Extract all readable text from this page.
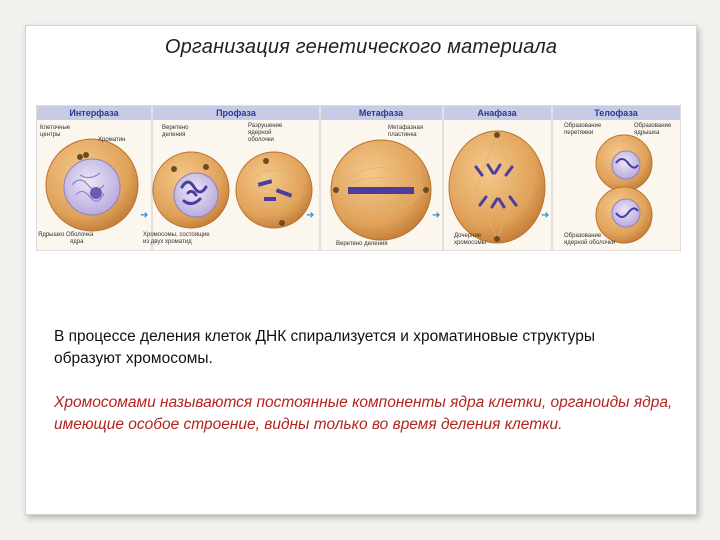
Организация генетического материала
Интерфаза	Профаза	Метафаза	Анафаза	Телофаза
Клеточные
центры
Хроматин
Ядрышко Оболочка
ядра
➜
Веретено
деления
Разрушение
ядерной
оболочки
Хромосомы, состоящие
из двух хроматид
➜
Метафазная
пластинка
Веретено деления
➜
Дочерние
хромосомы
➜
Образование
перетяжки
Образование
ядрышка
Образование
ядерной оболочки
В процессе деления клеток ДНК спирализуется и хроматиновые структуры образуют хромосомы.
Хромосомами называются постоянные компоненты ядра клетки, органоиды ядра, имеющие особое строение, видны только во время деления клетки.
